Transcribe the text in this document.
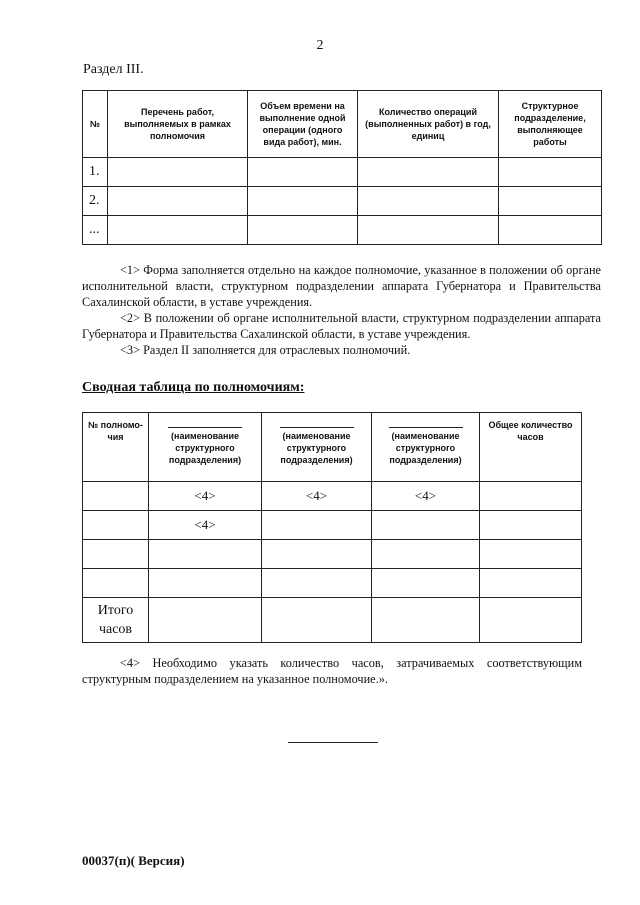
2
Раздел III.
№	Перечень работ, выполняемых в рамках полномочия	Объем времени на выполнение одной операции (одного вида работ), мин.	Количество операций (выполненных работ) в год, единиц	Структурное подразделение, выполняющее работы
1.				
2.				
...				

<1> Форма заполняется отдельно на каждое полномочие, указанное в положении об органе исполнительной власти, структурном подразделении аппарата Губернатора и Правительства Сахалинской области, в уставе учреждения.

<2> В положении об органе исполнительной власти, структурном подразделении аппарата Губернатора и Правительства Сахалинской области, в уставе учреждения.

<3> Раздел II заполняется для отраслевых полномочий.

Сводная таблица по полномочиям:
№ полномо-чия	(наименование структурного подразделения)	(наименование структурного подразделения)	(наименование структурного подразделения)	Общее количество часов
	<4>	<4>	<4>	
	<4>			

Итого часов				

<4> Необходимо указать количество часов, затрачиваемых соответствующим структурным подразделением на указанное полномочие.».

00037(п)( Версия)
